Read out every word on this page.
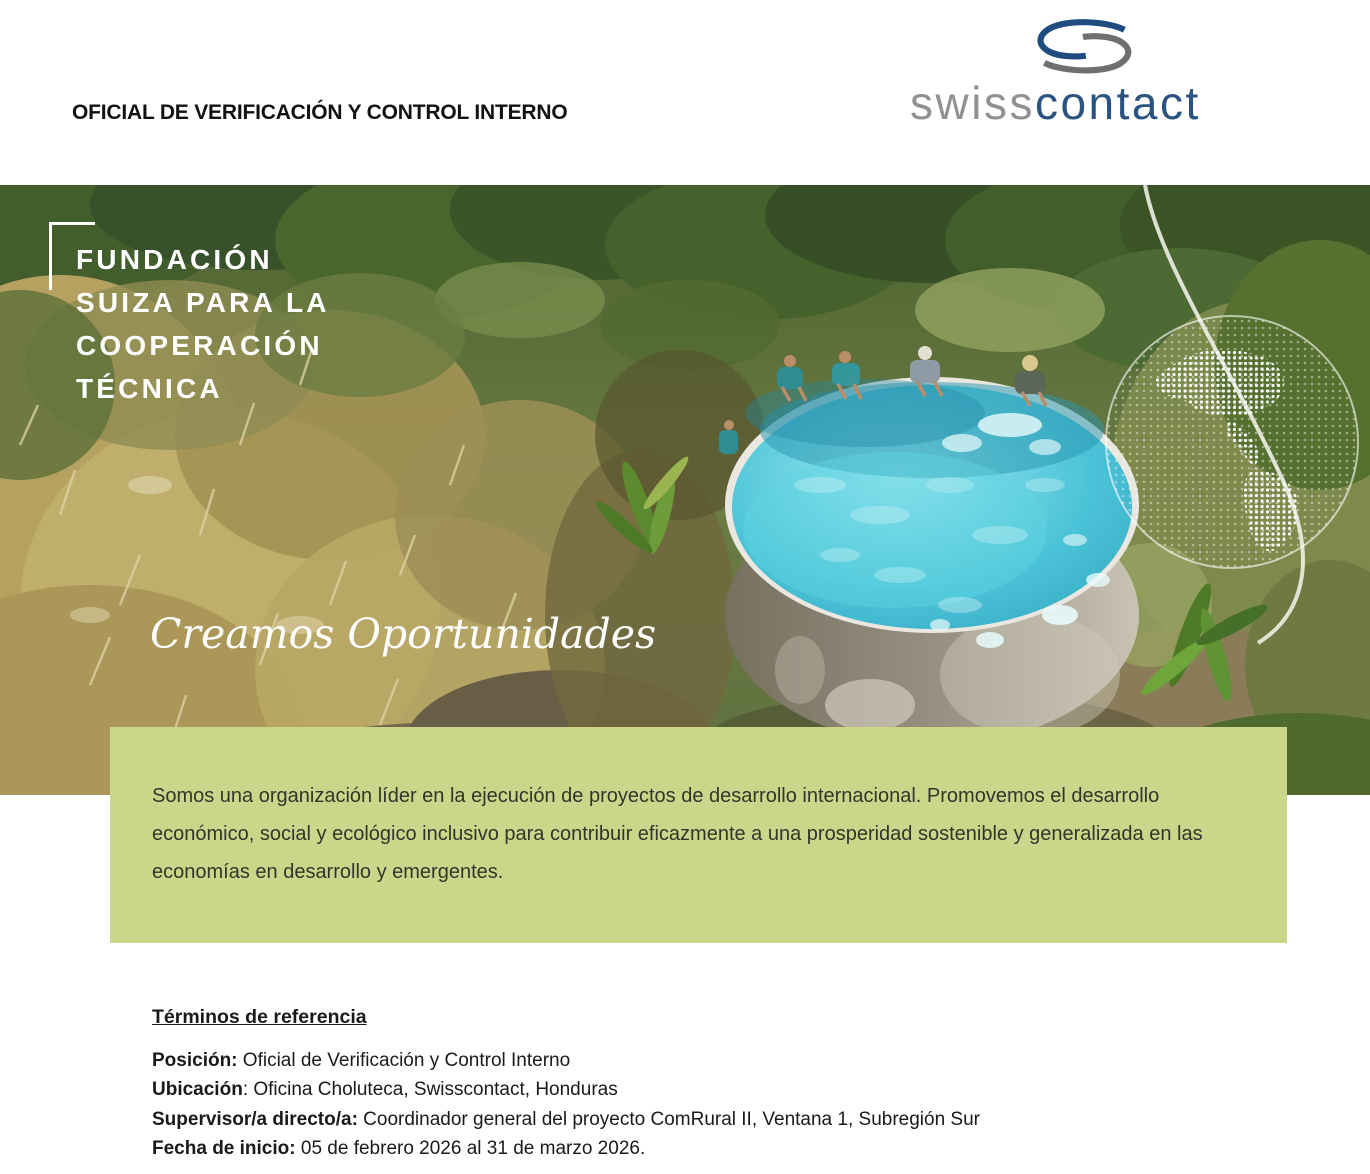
OFICIAL DE VERIFICACIÓN Y CONTROL INTERNO	swisscontact
FUNDACIÓN
SUIZA PARA LA
COOPERACIÓN
TÉCNICA
Creamos Oportunidades
Somos una organización líder en la ejecución de proyectos de desarrollo internacional. Promovemos el desarrollo económico, social y ecológico inclusivo para contribuir eficazmente a una prosperidad sostenible y generalizada en las economías en desarrollo y emergentes.
Términos de referencia
Posición: Oficial de Verificación y Control Interno
Ubicación: Oficina Choluteca, Swisscontact, Honduras
Supervisor/a directo/a: Coordinador general del proyecto ComRural II, Ventana 1, Subregión Sur
Fecha de inicio: 05 de febrero 2026 al 31 de marzo 2026.
